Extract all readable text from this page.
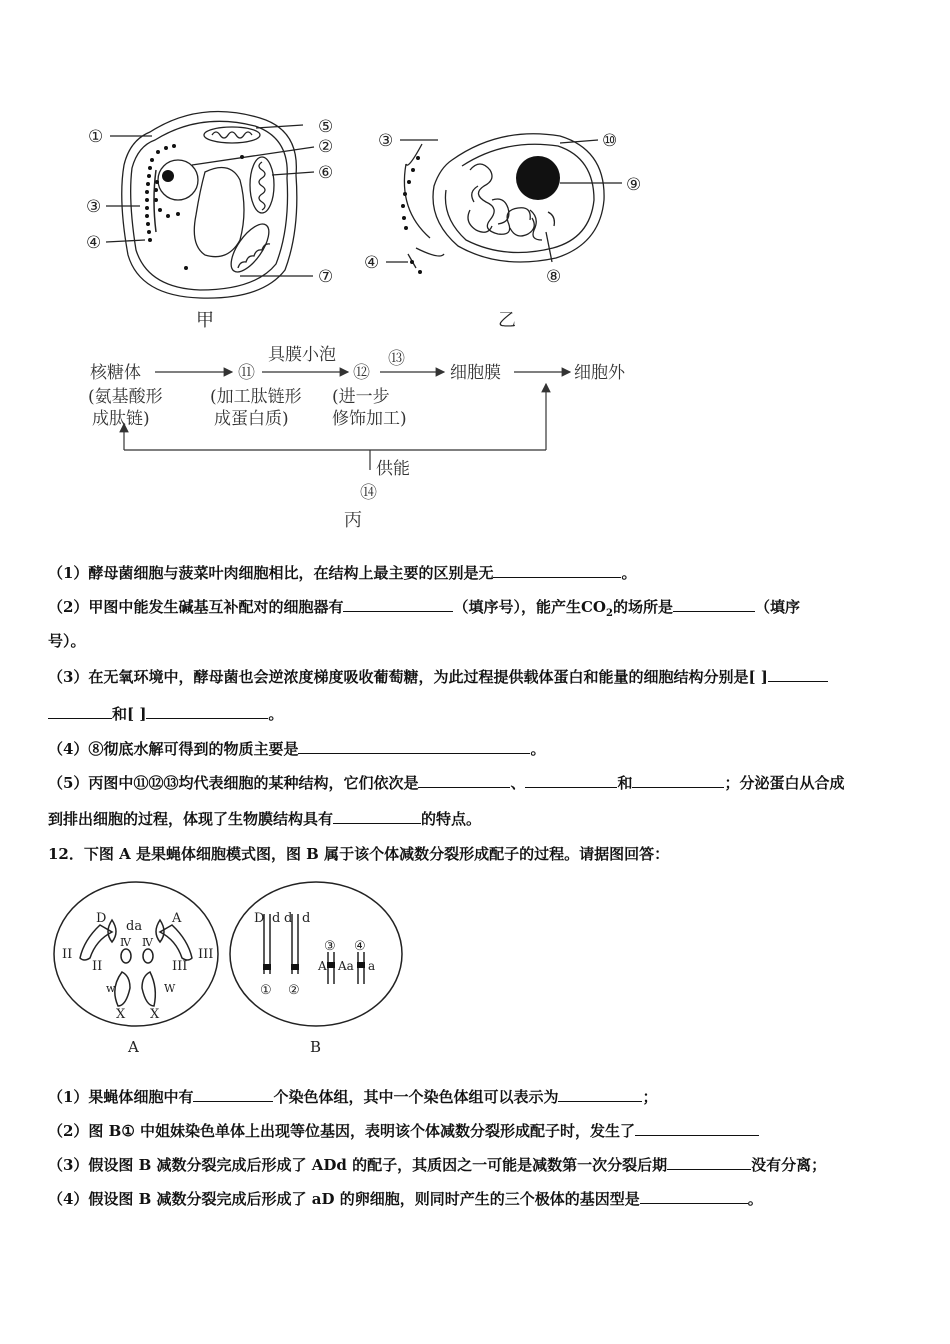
①	⑤
②
⑥
③
④
⑦
③	⑩
⑨
④
⑧
甲	乙
核糖体
(氨基酸形
成肽链)
⑪
(加工肽链形
成蛋白质)
具膜小泡
⑫
⑬
(进一步
修饰加工)
细胞膜	细胞外
供能
⑭
丙
（1）酵母菌细胞与菠菜叶肉细胞相比，在结构上最主要的区别是无	。
（2）甲图中能发生碱基互补配对的细胞器有	（填序号），能产生$CO_2$的场所是	（填序
号）。
（3）在无氧环境中，酵母菌也会逆浓度梯度吸收葡萄糖，为此过程提供载体蛋白和能量的细胞结构分别是[ ]
和[ ]	。
（4）⑧彻底水解可得到的物质主要是	。
（5）丙图中⑪⑫⑬均代表细胞的某种结构，它们依次是	、	和	；分泌蛋白从合成
到排出细胞的过程，体现了生物膜结构具有	的特点。
12．下图 A 是果蝇体细胞模式图，图 B 属于该个体减数分裂形成配子的过程。请据图回答：
D
da
A
II
Ⅳ Ⅳ
III
II	III
w	W
X X
D d d d
③ ④
A Aa a
① ②
A	B
（1）果蝇体细胞中有	个染色体组，其中一个染色体组可以表示为	；
（2）图 B① 中姐妹染色单体上出现等位基因，表明该个体减数分裂形成配子时，发生了
（3）假设图 B 减数分裂完成后形成了 ADd 的配子，其质因之一可能是减数第一次分裂后期	没有分离；
（4）假设图 B 减数分裂完成后形成了 aD 的卵细胞，则同时产生的三个极体的基因型是	。
